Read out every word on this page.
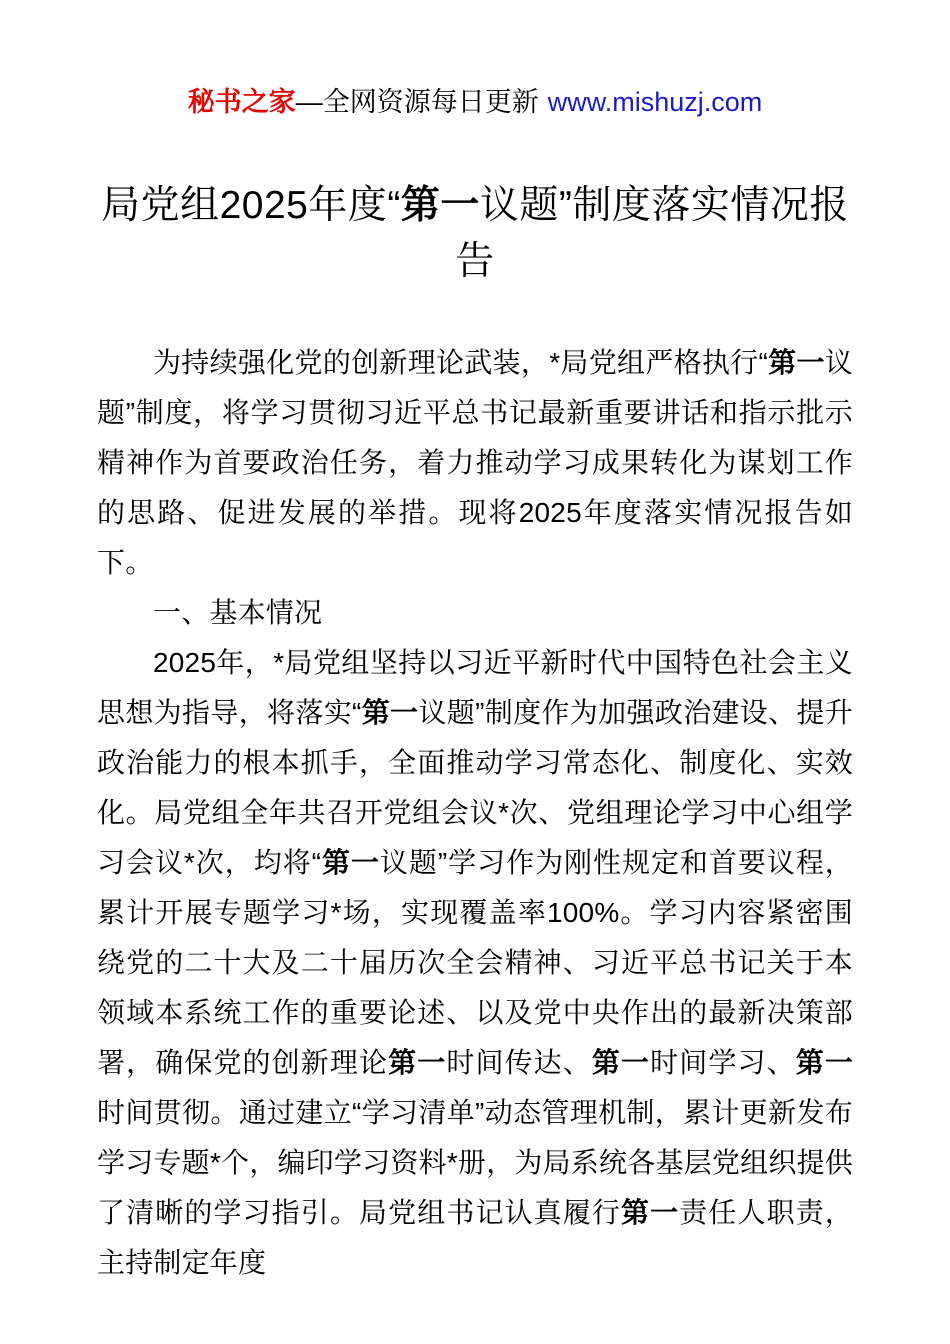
秘书之家—全网资源每日更新 www.mishuzj.com
局党组2025年度“第一议题”制度落实情况报告

为持续强化党的创新理论武装，*局党组严格执行“第一议题”制度，将学习贯彻习近平总书记最新重要讲话和指示批示精神作为首要政治任务，着力推动学习成果转化为谋划工作的思路、促进发展的举措。现将2025年度落实情况报告如下。

一、基本情况

2025年，*局党组坚持以习近平新时代中国特色社会主义思想为指导，将落实“第一议题”制度作为加强政治建设、提升政治能力的根本抓手，全面推动学习常态化、制度化、实效化。局党组全年共召开党组会议*次、党组理论学习中心组学习会议*次，均将“第一议题”学习作为刚性规定和首要议程，累计开展专题学习*场，实现覆盖率100%。学习内容紧密围绕党的二十大及二十届历次全会精神、习近平总书记关于本领域本系统工作的重要论述、以及党中央作出的最新决策部署，确保党的创新理论第一时间传达、第一时间学习、第一时间贯彻。通过建立“学习清单”动态管理机制，累计更新发布学习专题*个，编印学习资料*册，为局系统各基层党组织提供了清晰的学习指引。局党组书记认真履行第一责任人职责，主持制定年度
